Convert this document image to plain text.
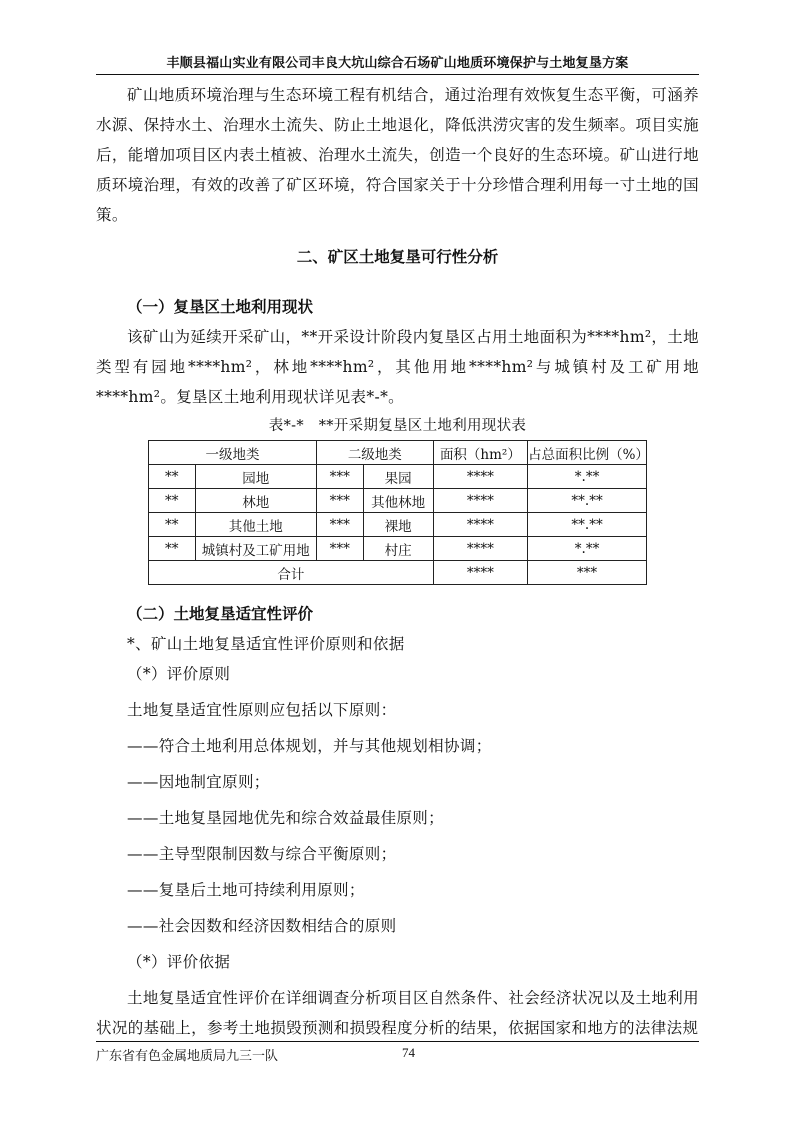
丰顺县福山实业有限公司丰良大坑山综合石场矿山地质环境保护与土地复垦方案

矿山地质环境治理与生态环境工程有机结合，通过治理有效恢复生态平衡，可涵养水源、保持水土、治理水土流失、防止土地退化，降低洪涝灾害的发生频率。项目实施后，能增加项目区内表土植被、治理水土流失，创造一个良好的生态环境。矿山进行地质环境治理，有效的改善了矿区环境，符合国家关于十分珍惜合理利用每一寸土地的国策。

二、矿区土地复垦可行性分析
（一）复垦区土地利用现状

该矿山为延续开采矿山，**开采设计阶段内复垦区占用土地面积为****hm²，土地类型有园地****hm²，林地****hm²，其他用地****hm²与城镇村及工矿用地****hm²。复垦区土地利用现状详见表*-*。

表*-*　**开采期复垦区土地利用现状表
一级地类		二级地类		面积（hm²）	占总面积比例（%）
**	园地	***	果园	****	*.**
**	林地	***	其他林地	****	**.**
**	其他土地	***	裸地	****	**.**
**	城镇村及工矿用地	***	村庄	****	*.**
合计				****	***
（二）土地复垦适宜性评价
*、矿山土地复垦适宜性评价原则和依据
（*）评价原则
土地复垦适宜性原则应包括以下原则：
——符合土地利用总体规划，并与其他规划相协调；
——因地制宜原则；
——土地复垦园地优先和综合效益最佳原则；
——主导型限制因数与综合平衡原则；
——复垦后土地可持续利用原则；
——社会因数和经济因数相结合的原则
（*）评价依据

土地复垦适宜性评价在详细调查分析项目区自然条件、社会经济状况以及土地利用状况的基础上，参考土地损毁预测和损毁程度分析的结果，依据国家和地方的法律法规

广东省有色金属地质局九三一队	74
